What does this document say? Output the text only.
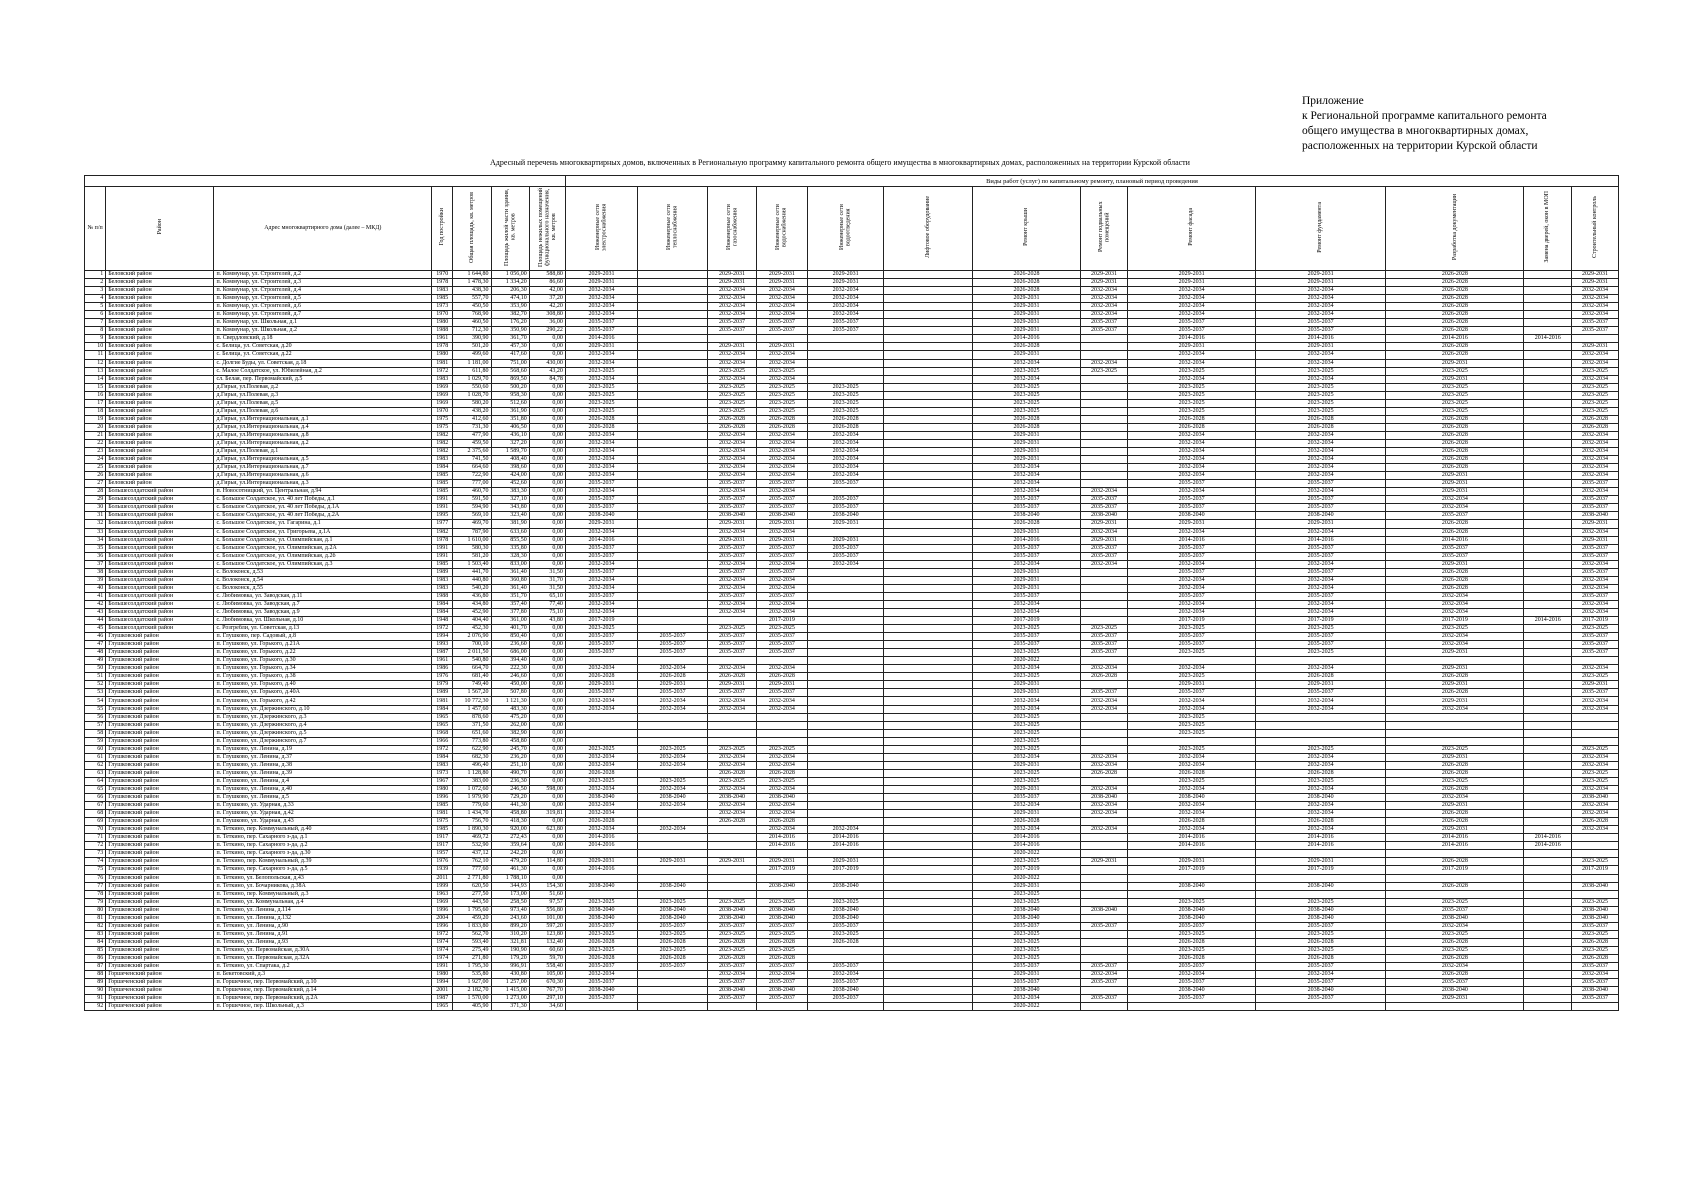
Приложение
к Региональной программе капитального ремонта
общего имущества в многоквартирных домах,
расположенных на территории Курской области
Адресный перечень многоквартирных домов, включенных в Региональную программу капитального ремонта общего имущества в многоквартирных домах, расположенных на территории Курской области
							Виды работ (услуг) по капитальному ремонту, плановый период проведения												
№ п/п	Район	Адрес многоквартирного дома (далее – МКД)	Год постройки	Общая площадь, кв. метров	Площадь жилой части здания, кв. метров	Площадь нежилых помещений функционального назначения, кв. метров	Инженерные сети электроснабжения	Инженерные сети теплоснабжения	Инженерные сети газоснабжения	Инженерные сети водоснабжения	Инженерные сети водоотведения	Лифтовое оборудование	Ремонт крыши	Ремонт подвальных помещений	Ремонт фасада	Ремонт фундамента	Разработка документации	Замена дверей, окон в МОП	Строительный контроль
1	Беловский район	п. Коммунар, ул. Строителей, д.2	1970	1 644,80	1 056,00	588,80	2029-2031		2029-2031	2029-2031	2029-2031		2026-2028	2029-2031	2029-2031	2029-2031	2026-2028		2029-2031
2	Беловский район	п. Коммунар, ул. Строителей, д.3	1978	1 478,30	1 334,20	86,60	2029-2031		2029-2031	2029-2031	2029-2031		2026-2028	2029-2031	2029-2031	2029-2031	2026-2028		2029-2031
3	Беловский район	п. Коммунар, ул. Строителей, д.4	1983	438,30	206,30	42,00	2032-2034		2032-2034	2032-2034	2032-2034		2026-2028	2032-2034	2032-2034	2032-2034	2026-2028		2032-2034
4	Беловский район	п. Коммунар, ул. Строителей, д.5	1985	557,70	474,10	37,20	2032-2034		2032-2034	2032-2034	2032-2034		2029-2031	2032-2034	2032-2034	2032-2034	2026-2028		2032-2034
5	Беловский район	п. Коммунар, ул. Строителей, д.6	1973	450,50	353,90	42,20	2032-2034		2032-2034	2032-2034	2032-2034		2029-2031	2032-2034	2032-2034	2032-2034	2026-2028		2032-2034
6	Беловский район	п. Коммунар, ул. Строителей, д.7	1970	768,90	382,70	308,80	2032-2034		2032-2034	2032-2034	2032-2034		2029-2031	2032-2034	2032-2034	2032-2034	2026-2028		2032-2034
7	Беловский район	п. Коммунар, ул. Школьная, д.1	1980	460,50	176,20	36,00	2035-2037		2035-2037	2035-2037	2035-2037		2029-2031	2035-2037	2035-2037	2035-2037	2026-2028		2035-2037
8	Беловский район	п. Коммунар, ул. Школьная, д.2	1988	712,30	350,90	290,22	2035-2037		2035-2037	2035-2037	2035-2037		2029-2031	2035-2037	2035-2037	2035-2037	2026-2028		2035-2037
9	Беловский район	п. Свердловский, д.18	1961	390,90	361,70	0,00	2014-2016						2014-2016		2014-2016	2014-2016	2014-2016	2014-2016	
10	Беловский район	с. Белица, ул. Советская, д.20	1978	501,20	457,30	0,00	2029-2031		2029-2031	2029-2031			2026-2028		2029-2031	2029-2031	2026-2028		2029-2031
11	Беловский район	с. Белица, ул. Советская, д.22	1980	499,60	417,60	0,00	2032-2034		2032-2034	2032-2034			2029-2031		2032-2034	2032-2034	2026-2028		2032-2034
12	Беловский район	с. Долгие Буды, ул. Советская, д.18	1981	1 181,00	751,00	430,00	2032-2034		2032-2034	2032-2034			2032-2034	2032-2034	2032-2034	2032-2034	2029-2031		2032-2034
13	Беловский район	с. Малое Солдатское, ул. Юбилейная, д.2	1972	611,80	568,60	43,20	2023-2025		2023-2025	2023-2025			2023-2025	2023-2025	2023-2025	2023-2025	2023-2025		2023-2025
14	Беловский район	сл. Белая, пер. Первомайский, д.5	1983	1 029,70	869,50	84,78	2032-2034		2032-2034	2032-2034			2032-2034		2032-2034	2032-2034	2029-2031		2032-2034
15	Беловский район	д.Гирьи, ул.Полевая, д.2	1969	550,60	500,20	0,00	2023-2025		2023-2025	2023-2025	2023-2025		2023-2025		2023-2025	2023-2025	2023-2025		2023-2025
16	Беловский район	д.Гирьи, ул.Полевая, д.3	1969	1 028,70	958,30	0,00	2023-2025		2023-2025	2023-2025	2023-2025		2023-2025		2023-2025	2023-2025	2023-2025		2023-2025
17	Беловский район	д.Гирьи, ул.Полевая, д.5	1969	580,20	512,60	0,00	2023-2025		2023-2025	2023-2025	2023-2025		2023-2025		2023-2025	2023-2025	2023-2025		2023-2025
18	Беловский район	д.Гирьи, ул.Полевая, д.6	1970	438,20	361,90	0,00	2023-2025		2023-2025	2023-2025	2023-2025		2023-2025		2023-2025	2023-2025	2023-2025		2023-2025
19	Беловский район	д.Гирьи, ул.Интернациональная, д.1	1975	412,60	351,80	0,00	2026-2028		2026-2028	2026-2028	2026-2028		2026-2028		2026-2028	2026-2028	2026-2028		2026-2028
20	Беловский район	д.Гирьи, ул.Интернациональная, д.4	1975	731,30	406,50	0,00	2026-2028		2026-2028	2026-2028	2026-2028		2026-2028		2026-2028	2026-2028	2026-2028		2026-2028
21	Беловский район	д.Гирьи, ул.Интернациональная, д.8	1982	477,90	436,10	0,00	2032-2034		2032-2034	2032-2034	2032-2034		2029-2031		2032-2034	2032-2034	2026-2028		2032-2034
22	Беловский район	д.Гирьи, ул.Интернациональная, д.2	1982	459,50	327,20	0,00	2032-2034		2032-2034	2032-2034	2032-2034		2029-2031		2032-2034	2032-2034	2026-2028		2032-2034
23	Беловский район	д.Гирьи, ул.Полевая, д.1	1982	2 375,60	1 589,70	0,00	2032-2034		2032-2034	2032-2034	2032-2034		2029-2031		2032-2034	2032-2034	2026-2028		2032-2034
24	Беловский район	д.Гирьи, ул.Интернациональная, д.5	1983	741,50	408,40	0,00	2032-2034		2032-2034	2032-2034	2032-2034		2029-2031		2032-2034	2032-2034	2026-2028		2032-2034
25	Беловский район	д.Гирьи, ул.Интернациональная, д.7	1984	664,60	398,60	0,00	2032-2034		2032-2034	2032-2034	2032-2034		2032-2034		2032-2034	2032-2034	2026-2028		2032-2034
26	Беловский район	д.Гирьи, ул.Интернациональная, д.6	1985	722,90	424,00	0,00	2032-2034		2032-2034	2032-2034	2032-2034		2032-2034		2032-2034	2032-2034	2029-2031		2032-2034
27	Беловский район	д.Гирьи, ул.Интернациональная, д.3	1985	777,00	452,60	0,00	2035-2037		2035-2037	2035-2037	2035-2037		2032-2034		2035-2037	2035-2037	2029-2031		2035-2037
28	Большесолдатский район	п. Новосотницкий, ул. Центральная, д.94	1985	460,70	383,30	0,00	2032-2034		2032-2034	2032-2034			2032-2034	2032-2034	2032-2034	2032-2034	2029-2031		2032-2034
29	Большесолдатский район	с. Большое Солдатское, ул. 40 лет Победы, д.1	1991	591,50	327,10	0,00	2035-2037		2035-2037	2035-2037	2035-2037		2035-2037	2035-2037	2035-2037	2035-2037	2032-2034		2035-2037
30	Большесолдатский район	с. Большое Солдатское, ул. 40 лет Победы, д.1А	1991	594,90	343,80	0,00	2035-2037		2035-2037	2035-2037	2035-2037		2035-2037	2035-2037	2035-2037	2035-2037	2032-2034		2035-2037
31	Большесолдатский район	с. Большое Солдатское, ул. 40 лет Победы, д.2А	1995	569,10	323,40	0,00	2038-2040		2038-2040	2038-2040	2038-2040		2038-2040	2038-2040	2038-2040	2038-2040	2035-2037		2038-2040
32	Большесолдатский район	с. Большое Солдатское, ул. Гагарина, д.1	1977	469,70	381,90	0,00	2029-2031		2029-2031	2029-2031	2029-2031		2026-2028	2029-2031	2029-2031	2029-2031	2026-2028		2029-2031
33	Большесолдатский район	с. Большое Солдатское, ул. Григорьева, д.1А	1982	787,90	633,60	0,00	2032-2034		2032-2034	2032-2034			2029-2031	2032-2034	2032-2034	2032-2034	2026-2028		2032-2034
34	Большесолдатский район	с. Большое Солдатское, ул. Олимпийская, д.1	1978	1 610,00	855,50	0,00	2014-2016		2029-2031	2029-2031	2029-2031		2014-2016	2029-2031	2014-2016	2014-2016	2014-2016		2029-2031
35	Большесолдатский район	с. Большое Солдатское, ул. Олимпийская, д.2А	1991	580,30	335,80	0,00	2035-2037		2035-2037	2035-2037	2035-2037		2035-2037	2035-2037	2035-2037	2035-2037	2035-2037		2035-2037
36	Большесолдатский район	с. Большое Солдатское, ул. Олимпийская, д.2б	1991	581,20	328,30	0,00	2035-2037		2035-2037	2035-2037	2035-2037		2035-2037	2035-2037	2035-2037	2035-2037	2035-2037		2035-2037
37	Большесолдатский район	с. Большое Солдатское, ул. Олимпийская, д.3	1985	1 503,40	833,00	0,00	2032-2034		2032-2034	2032-2034	2032-2034		2032-2034	2032-2034	2032-2034	2032-2034	2029-2031		2032-2034
38	Большесолдатский район	с. Волоконск, д.53	1989	441,70	361,40	31,50	2035-2037		2035-2037	2035-2037			2029-2031		2035-2037	2035-2037	2026-2028		2035-2037
39	Большесолдатский район	с. Волоконск, д.54	1983	440,80	360,80	31,70	2032-2034		2032-2034	2032-2034			2029-2031		2032-2034	2032-2034	2026-2028		2032-2034
40	Большесолдатский район	с. Волоконск, д.55	1983	540,20	361,40	31,50	2032-2034		2032-2034	2032-2034			2029-2031		2032-2034	2032-2034	2026-2028		2032-2034
41	Большесолдатский район	с. Любимовка, ул. Заводская, д.11	1988	436,80	351,70	65,10	2035-2037		2035-2037	2035-2037			2035-2037		2035-2037	2035-2037	2032-2034		2035-2037
42	Большесолдатский район	с. Любимовка, ул. Заводская, д.7	1984	434,80	357,40	77,40	2032-2034		2032-2034	2032-2034			2032-2034		2032-2034	2032-2034	2032-2034		2032-2034
43	Большесолдатский район	с. Любимовка, ул. Заводская, д.9	1984	452,90	377,80	75,10	2032-2034		2032-2034	2032-2034			2032-2034		2032-2034	2032-2034	2032-2034		2032-2034
44	Большесолдатский район	с. Любимовка, ул. Школьная, д.10	1948	404,40	361,00	43,80	2017-2019			2017-2019			2017-2019		2017-2019	2017-2019	2017-2019	2014-2016	2017-2019
45	Большесолдатский район	с. Розгребли, ул. Советская, д.13	1972	452,30	401,70	0,00	2023-2025		2023-2025	2023-2025			2023-2025	2023-2025	2023-2025	2023-2025	2023-2025		2023-2025
46	Глушковский район	п. Глушково, пер. Садовый, д.8	1994	2 076,90	850,40	0,00	2035-2037	2035-2037	2035-2037	2035-2037			2035-2037	2035-2037	2035-2037	2035-2037	2032-2034		2035-2037
47	Глушковский район	п. Глушково, ул. Горького, д.21А	1993	700,10	236,60	0,00	2035-2037	2035-2037	2035-2037	2035-2037			2035-2037	2035-2037	2035-2037	2035-2037	2032-2034		2035-2037
48	Глушковский район	п. Глушково, ул. Горького, д.22	1987	2 011,50	686,00	0,00	2035-2037	2035-2037	2035-2037	2035-2037			2023-2025	2035-2037	2023-2025	2023-2025	2029-2031		2035-2037
49	Глушковский район	п. Глушково, ул. Горького, д.30	1961	540,80	394,40	0,00							2020-2022						
50	Глушковский район	п. Глушково, ул. Горького, д.34	1986	664,70	222,30	0,00	2032-2034	2032-2034	2032-2034	2032-2034			2032-2034	2032-2034	2032-2034	2032-2034	2029-2031		2032-2034
51	Глушковский район	п. Глушково, ул. Горького, д.38	1976	681,40	246,60	0,00	2026-2028	2026-2028	2026-2028	2026-2028			2023-2025	2026-2028	2023-2025	2026-2028	2026-2028		2023-2025
52	Глушковский район	п. Глушково, ул. Горького, д.40	1979	749,40	450,00	0,00	2029-2031	2029-2031	2029-2031	2029-2031			2029-2031		2029-2031	2029-2031	2029-2031		2029-2031
53	Глушковский район	п. Глушково, ул. Горького, д.40А	1989	1 567,20	507,80	0,00	2035-2037	2035-2037	2035-2037	2035-2037			2029-2031	2035-2037	2035-2037	2035-2037	2026-2028		2035-2037
54	Глушковский район	п. Глушково, ул. Горького, д.42	1981	10 772,30	1 121,30	0,00	2032-2034	2032-2034	2032-2034	2032-2034			2032-2034	2032-2034	2032-2034	2032-2034	2029-2031		2032-2034
55	Глушковский район	п. Глушково, ул. Дзержинского, д.10	1984	1 457,60	483,30	0,00	2032-2034	2032-2034	2032-2034	2032-2034			2032-2034	2032-2034	2032-2034	2032-2034	2032-2034		2032-2034
56	Глушковский район	п. Глушково, ул. Дзержинского, д.3	1965	878,60	475,20	0,00							2023-2025		2023-2025				
57	Глушковский район	п. Глушково, ул. Дзержинского, д.4	1965	371,50	262,00	0,00							2023-2025		2023-2025				
58	Глушковский район	п. Глушково, ул. Дзержинского, д.5	1968	651,60	382,90	0,00							2023-2025		2023-2025				
59	Глушковский район	п. Глушково, ул. Дзержинского, д.7	1966	773,80	458,80	0,00							2023-2025						
60	Глушковский район	п. Глушково, ул. Ленина, д.19	1972	622,90	245,70	0,00	2023-2025	2023-2025	2023-2025	2023-2025			2023-2025		2023-2025	2023-2025	2023-2025		2023-2025
61	Глушковский район	п. Глушково, ул. Ленина, д.37	1984	682,30	236,20	0,00	2032-2034	2032-2034	2032-2034	2032-2034			2032-2034	2032-2034	2032-2034	2032-2034	2029-2031		2032-2034
62	Глушковский район	п. Глушково, ул. Ленина, д.38	1983	496,40	251,10	0,00	2032-2034	2032-2034	2032-2034	2032-2034			2029-2031	2032-2034	2032-2034	2032-2034	2026-2028		2032-2034
63	Глушковский район	п. Глушково, ул. Ленина, д.39	1973	1 128,80	490,70	0,00	2026-2028		2026-2028	2026-2028			2023-2025	2026-2028	2026-2028	2026-2028	2026-2028		2023-2025
64	Глушковский район	п. Глушково, ул. Ленина, д.4	1967	383,00	236,30	0,00	2023-2025	2023-2025	2023-2025	2023-2025			2023-2025		2023-2025	2023-2025	2023-2025		2023-2025
65	Глушковский район	п. Глушково, ул. Ленина, д.40	1980	1 072,60	246,50	598,00	2032-2034	2032-2034	2032-2034	2032-2034			2029-2031	2032-2034	2032-2034	2032-2034	2026-2028		2032-2034
66	Глушковский район	п. Глушково, ул. Ленина, д.5	1996	1 979,90	729,20	0,00	2038-2040	2038-2040	2038-2040	2038-2040			2035-2037	2038-2040	2038-2040	2038-2040	2032-2034		2038-2040
67	Глушковский район	п. Глушково, ул. Ударная, д.33	1985	779,60	441,30	0,00	2032-2034	2032-2034	2032-2034	2032-2034			2032-2034	2032-2034	2032-2034	2032-2034	2029-2031		2032-2034
68	Глушковский район	п. Глушково, ул. Ударная, д.42	1981	1 434,70	458,80	319,81	2032-2034		2032-2034	2032-2034			2029-2031	2032-2034	2032-2034	2032-2034	2026-2028		2032-2034
69	Глушковский район	п. Глушково, ул. Ударная, д.43	1975	756,70	418,30	0,00	2026-2028		2026-2028	2026-2028			2026-2028		2026-2028	2026-2028	2026-2028		2026-2028
70	Глушковский район	п. Теткино, пер. Коммунальный, д.40	1985	1 890,30	920,00	623,80	2032-2034	2032-2034		2032-2034	2032-2034		2032-2034	2032-2034	2032-2034	2032-2034	2029-2031		2032-2034
71	Глушковский район	п. Теткино, пер. Сахарного з-да, д.1	1917	469,72	272,43	0,00	2014-2016			2014-2016	2014-2016		2014-2016		2014-2016	2014-2016	2014-2016	2014-2016	
72	Глушковский район	п. Теткино, пер. Сахарного з-да, д.2	1917	532,90	359,64	0,00	2014-2016			2014-2016	2014-2016		2014-2016		2014-2016	2014-2016	2014-2016	2014-2016	
73	Глушковский район	п. Теткино, пер. Сахарного з-да, д.30	1957	437,12	242,20	0,00							2020-2022						
74	Глушковский район	п. Теткино, пер. Коммунальный, д.39	1976	762,10	479,20	114,80	2029-2031	2029-2031	2029-2031	2029-2031	2029-2031		2023-2025	2029-2031	2029-2031	2029-2031	2026-2028		2023-2025
75	Глушковский район	п. Теткино, пер. Сахарного з-да, д.5	1939	777,60	461,30	0,00	2014-2016			2017-2019	2017-2019		2017-2019		2017-2019	2017-2019	2017-2019		2017-2019
76	Глушковский район	п. Теткино, ул. Белопольская, д.43	2011	2 771,80	1 788,10	0,00							2020-2022						
77	Глушковский район	п. Теткино, ул. Бочарникова, д.38А	1999	620,50	344,93	154,30	2038-2040	2038-2040		2038-2040	2038-2040		2029-2031		2038-2040	2038-2040	2026-2028		2038-2040
78	Глушковский район	п. Теткино, пер. Коммунальный, д.3	1963	277,50	173,00	51,60							2023-2025						
79	Глушковский район	п. Теткино, ул. Коммунальная, д.4	1969	443,50	258,50	97,57	2023-2025	2023-2025	2023-2025	2023-2025	2023-2025		2023-2025		2023-2025	2023-2025	2023-2025		2023-2025
80	Глушковский район	п. Теткино, ул. Ленина, д.114	1996	1 795,60	973,40	556,80	2038-2040	2038-2040	2038-2040	2038-2040	2038-2040		2038-2040	2038-2040	2038-2040	2038-2040	2035-2037		2038-2040
81	Глушковский район	п. Теткино, ул. Ленина, д.132	2004	459,20	243,60	101,00	2038-2040	2038-2040	2038-2040	2038-2040	2038-2040		2038-2040		2038-2040	2038-2040	2038-2040		2038-2040
82	Глушковский район	п. Теткино, ул. Ленина, д.90	1996	1 833,80	899,20	597,20	2035-2037	2035-2037	2035-2037	2035-2037	2035-2037		2035-2037	2035-2037	2035-2037	2035-2037	2032-2034		2035-2037
83	Глушковский район	п. Теткино, ул. Ленина, д.91	1972	562,70	310,20	123,80	2023-2025	2023-2025	2023-2025	2023-2025	2023-2025		2023-2025		2023-2025	2023-2025	2023-2025		2023-2025
84	Глушковский район	п. Теткино, ул. Ленина, д.93	1974	593,40	321,81	132,40	2026-2028	2026-2028	2026-2028	2026-2028	2026-2028		2023-2025		2026-2028	2026-2028	2026-2028		2026-2028
85	Глушковский район	п. Теткино, ул. Первомайская, д.30А	1974	275,49	190,90	60,60	2023-2025	2023-2025	2023-2025	2023-2025			2023-2025		2023-2025	2023-2025	2023-2025		2023-2025
86	Глушковский район	п. Теткино, ул. Первомайская, д.32А	1974	271,80	179,20	59,70	2026-2028	2026-2028	2026-2028	2026-2028			2023-2025		2026-2028	2026-2028	2026-2028		2026-2028
87	Глушковский район	п. Теткино, ул. Спартака, д.2	1991	1 795,30	996,91	558,40	2035-2037	2035-2037	2035-2037	2035-2037	2035-2037		2035-2037	2035-2037	2035-2037	2035-2037	2032-2034		2035-2037
88	Горшеченский район	п. Бекетовский, д.3	1980	535,80	430,80	105,00	2032-2034		2032-2034	2032-2034	2032-2034		2029-2031	2032-2034	2032-2034	2032-2034	2026-2028		2032-2034
89	Горшеченский район	п. Горшечное, пер. Первомайский, д.10	1994	1 927,00	1 257,00	670,30	2035-2037		2035-2037	2035-2037	2035-2037		2035-2037	2035-2037	2035-2037	2035-2037	2035-2037		2035-2037
90	Горшеченский район	п. Горшечное, пер. Первомайский, д.14	2001	2 182,70	1 415,00	767,70	2038-2040		2038-2040	2038-2040	2038-2040		2038-2040		2038-2040	2038-2040	2038-2040		2038-2040
91	Горшеченский район	п. Горшечное, пер. Первомайский, д.2А	1987	1 570,00	1 273,00	297,10	2035-2037		2035-2037	2035-2037	2035-2037		2032-2034	2035-2037	2035-2037	2035-2037	2029-2031		2035-2037
92	Горшеченский район	п. Горшечное, пер. Школьный, д.3	1965	405,90	371,30	34,60							2020-2022						
